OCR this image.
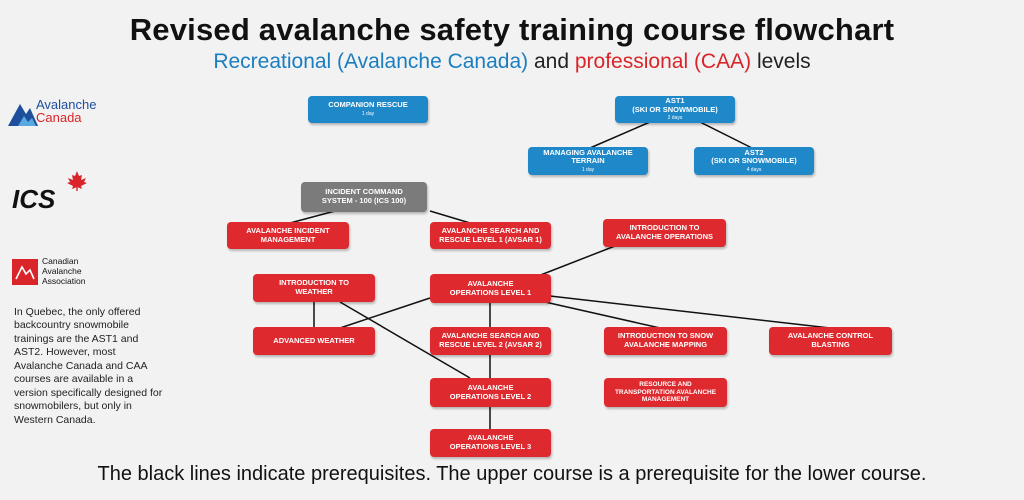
Revised avalanche safety training course flowchart
Recreational (Avalanche Canada) and professional (CAA) levels
COMPANION RESCUE
1 day
AST1
(SKI OR SNOWMOBILE)
2 days
MANAGING AVALANCHE
TERRAIN
1 day
AST2
(SKI OR SNOWMOBILE)
4 days
INCIDENT COMMAND
SYSTEM - 100 (ICS 100)
AVALANCHE INCIDENT
MANAGEMENT
AVALANCHE SEARCH AND
RESCUE LEVEL 1 (AVSAR 1)
INTRODUCTION TO
AVALANCHE OPERATIONS
INTRODUCTION TO
WEATHER
AVALANCHE
OPERATIONS LEVEL 1
ADVANCED WEATHER	AVALANCHE SEARCH AND
RESCUE LEVEL 2 (AVSAR 2)
INTRODUCTION TO SNOW
AVALANCHE MAPPING
AVALANCHE CONTROL
BLASTING
AVALANCHE
OPERATIONS LEVEL 2
RESOURCE AND
TRANSPORTATION AVALANCHE
MANAGEMENT
AVALANCHE
OPERATIONS LEVEL 3
Avalanche
Canada
ICS
Canadian
Avalanche
Association
In Quebec, the only offered backcountry snowmobile trainings are the AST1 and AST2. However, most Avalanche Canada and CAA courses are available in a version specifically designed for snowmobilers, but only in Western Canada.
The black lines indicate prerequisites. The upper course is a prerequisite for the lower course.
